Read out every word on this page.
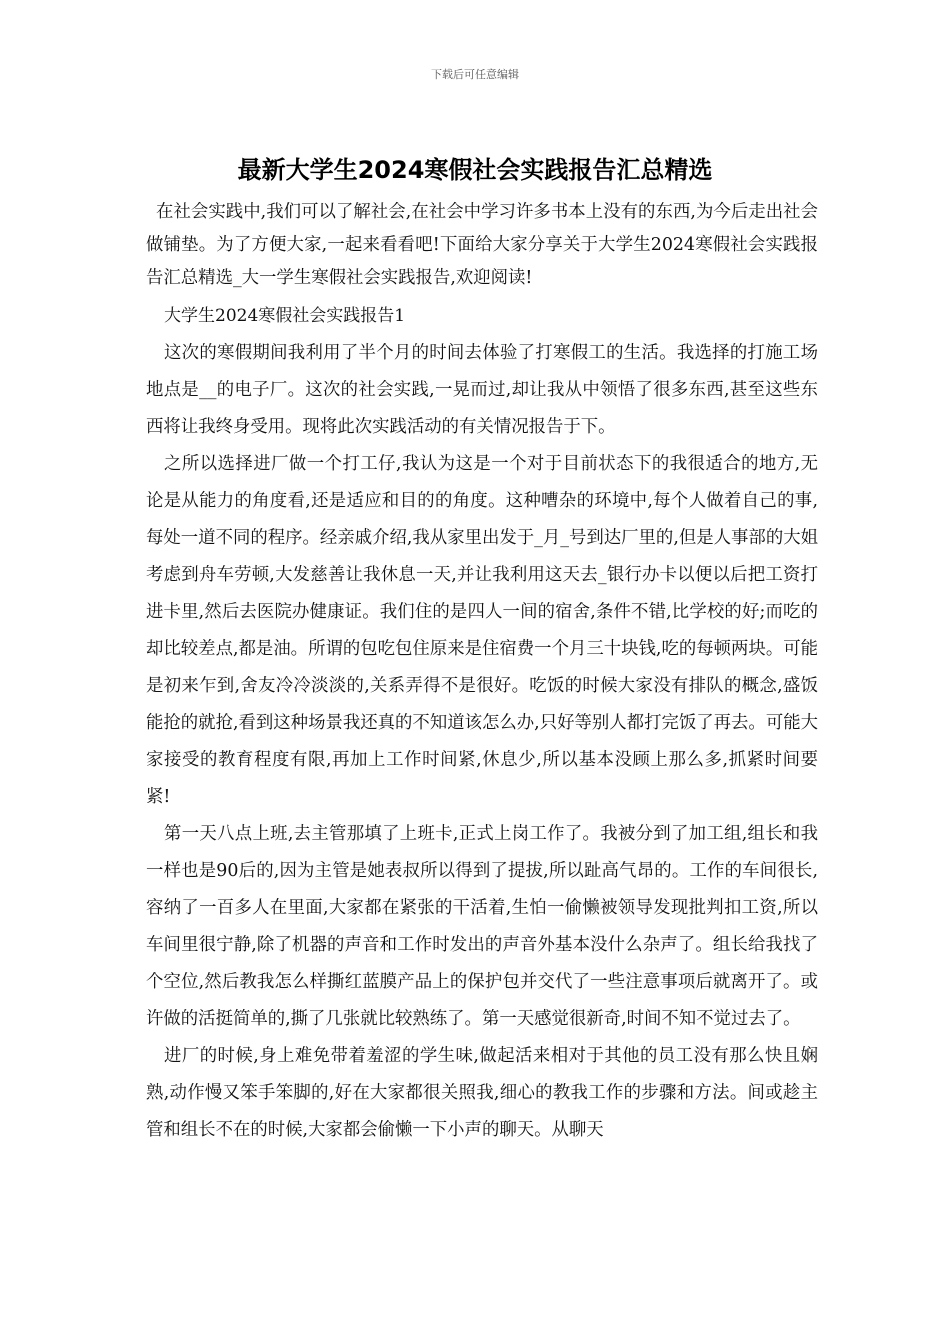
下载后可任意编辑
最新大学生2024寒假社会实践报告汇总精选

在社会实践中,我们可以了解社会,在社会中学习许多书本上没有的东西,为今后走出社会做铺垫。为了方便大家,一起来看看吧!下面给大家分享关于大学生2024寒假社会实践报告汇总精选_大一学生寒假社会实践报告,欢迎阅读!

大学生2024寒假社会实践报告1

这次的寒假期间我利用了半个月的时间去体验了打寒假工的生活。我选择的打施工场地点是__的电子厂。这次的社会实践,一晃而过,却让我从中领悟了很多东西,甚至这些东西将让我终身受用。现将此次实践活动的有关情况报告于下。

之所以选择进厂做一个打工仔,我认为这是一个对于目前状态下的我很适合的地方,无论是从能力的角度看,还是适应和目的的角度。这种嘈杂的环境中,每个人做着自己的事,每处一道不同的程序。经亲戚介绍,我从家里出发于_月_号到达厂里的,但是人事部的大姐考虑到舟车劳顿,大发慈善让我休息一天,并让我利用这天去_银行办卡以便以后把工资打进卡里,然后去医院办健康证。我们住的是四人一间的宿舍,条件不错,比学校的好;而吃的却比较差点,都是油。所谓的包吃包住原来是住宿费一个月三十块钱,吃的每顿两块。可能是初来乍到,舍友冷冷淡淡的,关系弄得不是很好。吃饭的时候大家没有排队的概念,盛饭能抢的就抢,看到这种场景我还真的不知道该怎么办,只好等别人都打完饭了再去。可能大家接受的教育程度有限,再加上工作时间紧,休息少,所以基本没顾上那么多,抓紧时间要紧!

第一天八点上班,去主管那填了上班卡,正式上岗工作了。我被分到了加工组,组长和我一样也是90后的,因为主管是她表叔所以得到了提拔,所以趾高气昂的。工作的车间很长,容纳了一百多人在里面,大家都在紧张的干活着,生怕一偷懒被领导发现批判扣工资,所以车间里很宁静,除了机器的声音和工作时发出的声音外基本没什么杂声了。组长给我找了个空位,然后教我怎么样撕红蓝膜产品上的保护包并交代了一些注意事项后就离开了。或许做的活挺简单的,撕了几张就比较熟练了。第一天感觉很新奇,时间不知不觉过去了。

进厂的时候,身上难免带着羞涩的学生味,做起活来相对于其他的员工没有那么快且娴熟,动作慢又笨手笨脚的,好在大家都很关照我,细心的教我工作的步骤和方法。间或趁主管和组长不在的时候,大家都会偷懒一下小声的聊天。从聊天
